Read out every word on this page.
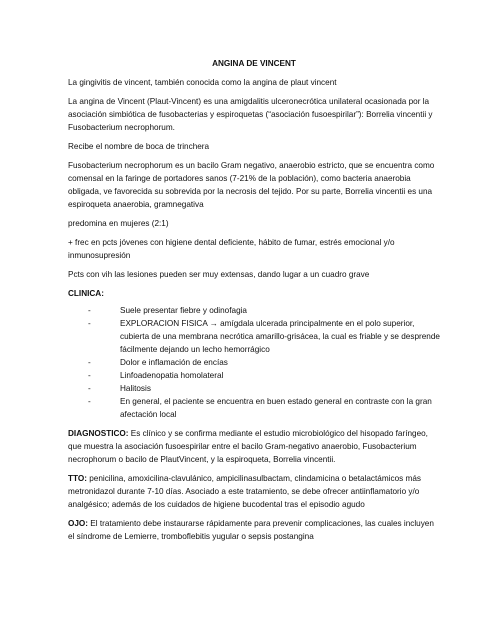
ANGINA DE VINCENT

La gingivitis de vincent, también conocida como la angina de plaut vincent

La angina de Vincent (Plaut-Vincent) es una amigdalitis ulceronecrótica unilateral ocasionada por la asociación simbiótica de fusobacterias y espiroquetas (“asociación fusoespirilar”): Borrelia vincentii y Fusobacterium necrophorum.

Recibe el nombre de boca de trinchera

Fusobacterium necrophorum es un bacilo Gram negativo, anaerobio estricto, que se encuentra como comensal en la faringe de portadores sanos (7-21% de la población), como bacteria anaerobia obligada, ve favorecida su sobrevida por la necrosis del tejido. Por su parte, Borrelia vincentii es una espiroqueta anaerobia, gramnegativa

predomina en mujeres (2:1)

+ frec en pcts jóvenes con higiene dental deficiente, hábito de fumar, estrés emocional y/o inmunosupresión

Pcts con vih las lesiones pueden ser muy extensas, dando lugar a un cuadro grave

CLINICA:
-	Suele presentar fiebre y odinofagia
-	EXPLORACION FISICA → amígdala ulcerada principalmente en el polo superior, cubierta de una membrana necrótica amarillo-grisácea, la cual es friable y se desprende fácilmente dejando un lecho hemorrágico
-	Dolor e inflamación de encías
-	Linfoadenopatia homolateral
-	Halitosis
-	En general, el paciente se encuentra en buen estado general en contraste con la gran afectación local

DIAGNOSTICO: Es clínico y se confirma mediante el estudio microbiológico del hisopado faríngeo, que muestra la asociación fusoespirilar entre el bacilo Gram-negativo anaerobio, Fusobacterium necrophorum o bacilo de PlautVincent, y la espiroqueta, Borrelia vincentii.

TTO: penicilina, amoxicilina-clavulánico, ampicilinasulbactam, clindamicina o betalactámicos más metronidazol durante 7-10 días. Asociado a este tratamiento, se debe ofrecer antiinflamatorio y/o analgésico; además de los cuidados de higiene bucodental tras el episodio agudo

OJO: El tratamiento debe instaurarse rápidamente para prevenir complicaciones, las cuales incluyen el síndrome de Lemierre, tromboflebitis yugular o sepsis postangina
